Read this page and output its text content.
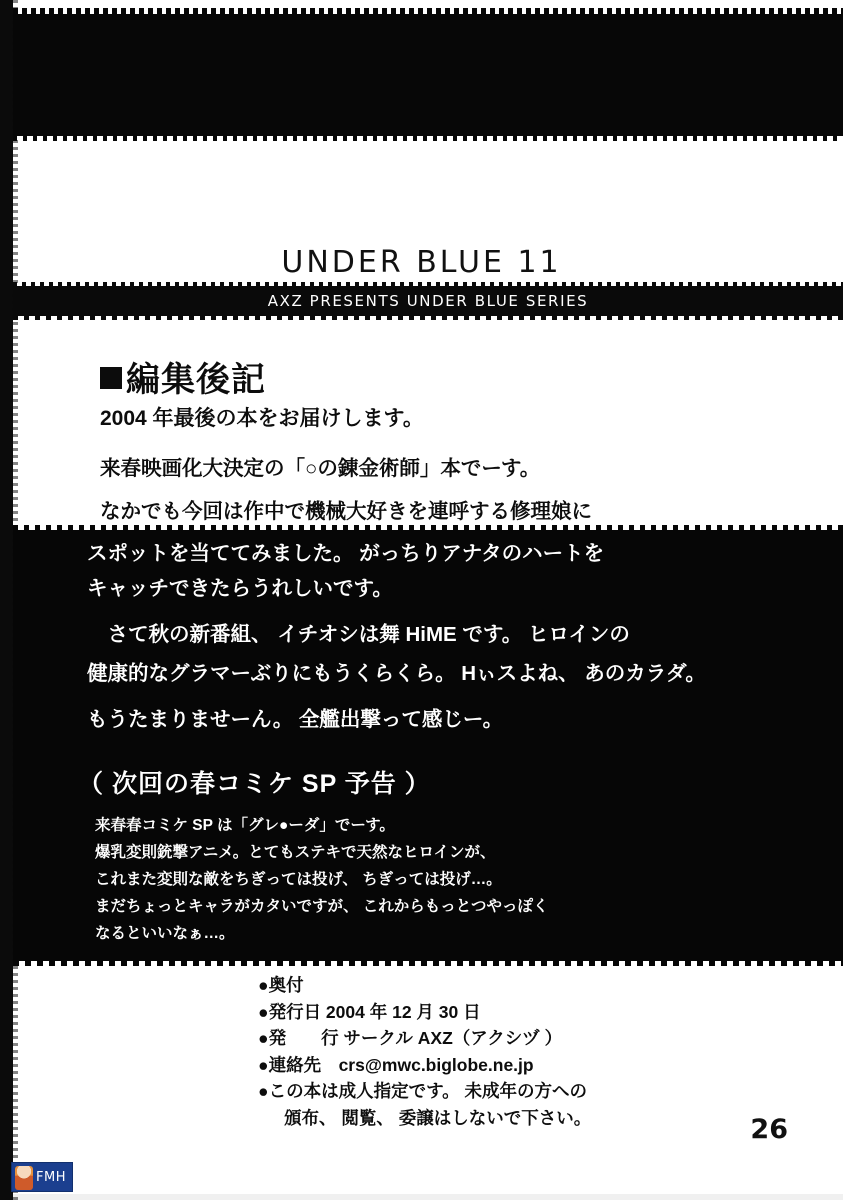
UNDER BLUE 11
AXZ PRESENTS UNDER BLUE SERIES
編集後記
2004 年最後の本をお届けします。
来春映画化大決定の「○の錬金術師」本でーす。
なかでも今回は作中で機械大好きを連呼する修理娘に
スポットを当ててみました。 がっちりアナタのハートを
キャッチできたらうれしいです。
　さて秋の新番組、 イチオシは舞 HiME です。 ヒロインの
健康的なグラマーぶりにもうくらくら。 Hぃスよね、 あのカラダ。
もうたまりませーん。 全艦出撃って感じー。
（ 次回の春コミケ SP 予告 ）
来春春コミケ SP は「グレ●ーダ」でーす。
爆乳変則銃撃アニメ。とてもステキで天然なヒロインが、
これまた変則な敵をちぎっては投げ、 ちぎっては投げ…。
まだちょっとキャラがカタいですが、 これからもっとつやっぽく
なるといいなぁ…。
●奥付
●発行日 2004 年 12 月 30 日
●発　　行 サークル AXZ（アクシヅ ）
●連絡先　crs@mwc.biglobe.ne.jp
●この本は成人指定です。 未成年の方への
頒布、 閲覧、 委譲はしないで下さい。	26
FMH
